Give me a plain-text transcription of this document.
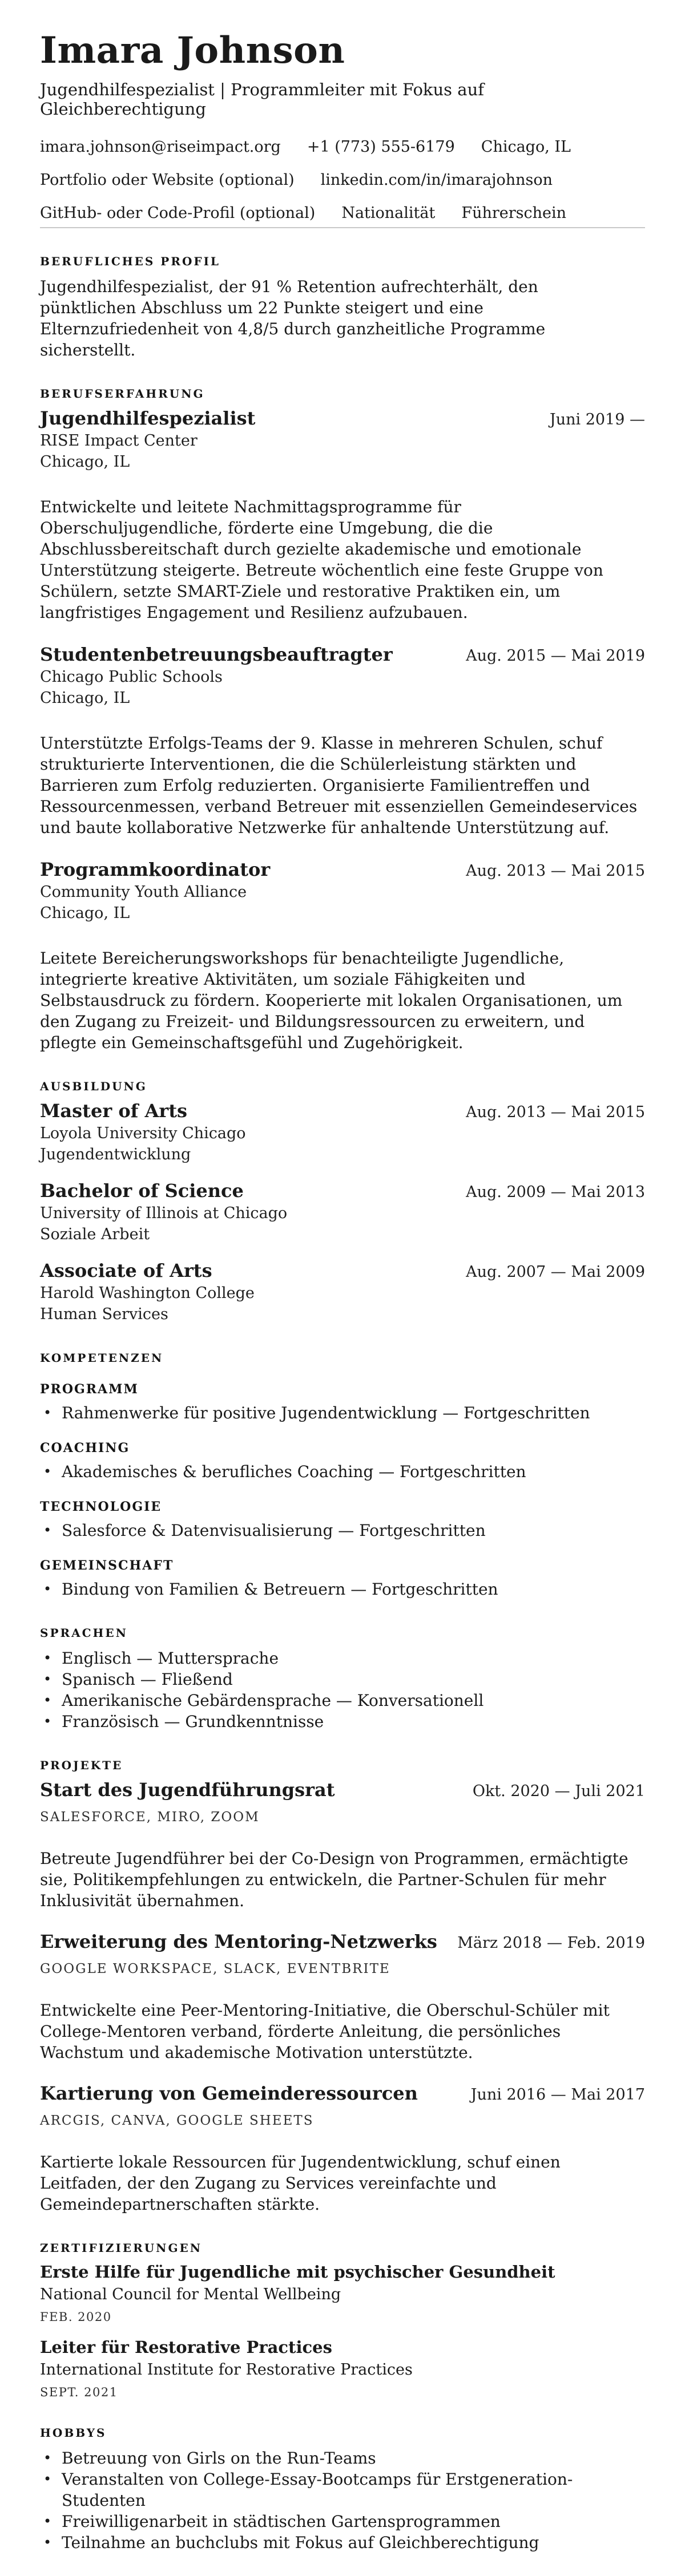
Imara Johnson
Jugendhilfespezialist | Programmleiter mit Fokus auf Gleichberechtigung
imara.johnson@riseimpact.org +1 (773) 555-6179 Chicago, IL
Portfolio oder Website (optional) linkedin.com/in/imarajohnson
GitHub- oder Code-Profil (optional) Nationalität Führerschein
BERUFLICHES PROFIL

Jugendhilfespezialist, der 91 % Retention aufrechterhält, den pünktlichen Abschluss um 22 Punkte steigert und eine Elternzufriedenheit von 4,8/5 durch ganzheitliche Programme sicherstellt.

BERUFSERFAHRUNG
Jugendhilfespezialist	Juni 2019 —
RISE Impact Center
Chicago, IL

Entwickelte und leitete Nachmittagsprogramme für Oberschuljugendliche, förderte eine Umgebung, die die Abschlussbereitschaft durch gezielte akademische und emotionale Unterstützung steigerte. Betreute wöchentlich eine feste Gruppe von Schülern, setzte SMART-Ziele und restorative Praktiken ein, um langfristiges Engagement und Resilienz aufzubauen.

Studentenbetreuungsbeauftragter	Aug. 2015 — Mai 2019
Chicago Public Schools
Chicago, IL

Unterstützte Erfolgs-Teams der 9. Klasse in mehreren Schulen, schuf strukturierte Interventionen, die die Schülerleistung stärkten und Barrieren zum Erfolg reduzierten. Organisierte Familientreffen und Ressourcenmessen, verband Betreuer mit essenziellen Gemeindeservices und baute kollaborative Netzwerke für anhaltende Unterstützung auf.

Programmkoordinator	Aug. 2013 — Mai 2015
Community Youth Alliance
Chicago, IL

Leitete Bereicherungsworkshops für benachteiligte Jugendliche, integrierte kreative Aktivitäten, um soziale Fähigkeiten und Selbstausdruck zu fördern. Kooperierte mit lokalen Organisationen, um den Zugang zu Freizeit- und Bildungsressourcen zu erweitern, und pflegte ein Gemeinschaftsgefühl und Zugehörigkeit.

AUSBILDUNG
Master of Arts	Aug. 2013 — Mai 2015
Loyola University Chicago
Jugendentwicklung
Bachelor of Science	Aug. 2009 — Mai 2013
University of Illinois at Chicago
Soziale Arbeit
Associate of Arts	Aug. 2007 — Mai 2009
Harold Washington College
Human Services
KOMPETENZEN
PROGRAMM
• Rahmenwerke für positive Jugendentwicklung — Fortgeschritten
COACHING
• Akademisches & berufliches Coaching — Fortgeschritten
TECHNOLOGIE
• Salesforce & Datenvisualisierung — Fortgeschritten
GEMEINSCHAFT
• Bindung von Familien & Betreuern — Fortgeschritten
SPRACHEN
• Englisch — Muttersprache
• Spanisch — Fließend
• Amerikanische Gebärdensprache — Konversationell
• Französisch — Grundkenntnisse
PROJEKTE
Start des Jugendführungsrat	Okt. 2020 — Juli 2021
SALESFORCE, MIRO, ZOOM

Betreute Jugendführer bei der Co-Design von Programmen, ermächtigte sie, Politikempfehlungen zu entwickeln, die Partner-Schulen für mehr Inklusivität übernahmen.

Erweiterung des Mentoring-Netzwerks März 2018 — Feb. 2019
GOOGLE WORKSPACE, SLACK, EVENTBRITE

Entwickelte eine Peer-Mentoring-Initiative, die Oberschul-Schüler mit College-Mentoren verband, förderte Anleitung, die persönliches Wachstum und akademische Motivation unterstützte.

Kartierung von Gemeinderessourcen	Juni 2016 — Mai 2017
ARCGIS, CANVA, GOOGLE SHEETS

Kartierte lokale Ressourcen für Jugendentwicklung, schuf einen Leitfaden, der den Zugang zu Services vereinfachte und Gemeindepartnerschaften stärkte.

ZERTIFIZIERUNGEN
Erste Hilfe für Jugendliche mit psychischer Gesundheit
National Council for Mental Wellbeing
FEB. 2020
Leiter für Restorative Practices
International Institute for Restorative Practices
SEPT. 2021
HOBBYS
• Betreuung von Girls on the Run-Teams
• Veranstalten von College-Essay-Bootcamps für Erstgeneration-Studenten
• Freiwilligenarbeit in städtischen Gartensprogrammen
• Teilnahme an buchclubs mit Fokus auf Gleichberechtigung
